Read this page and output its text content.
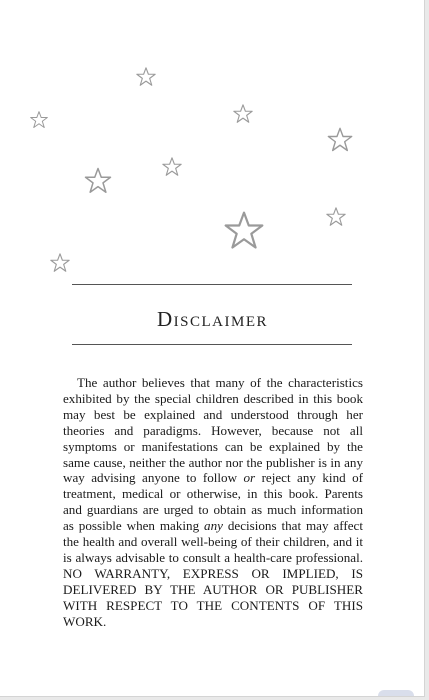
Disclaimer

The author believes that many of the characteristics exhibited by the special children described in this book may best be explained and understood through her theories and paradigms. However, because not all symptoms or manifestations can be explained by the same cause, neither the author nor the publisher is in any way advising anyone to follow or reject any kind of treatment, medical or otherwise, in this book. Parents and guardians are urged to obtain as much information as possible when making any decisions that may affect the health and overall well-being of their children, and it is always advisable to consult a health-care professional. NO WARRANTY, EXPRESS OR IMPLIED, IS DELIVERED BY THE AUTHOR OR PUBLISHER WITH RESPECT TO THE CONTENTS OF THIS WORK.
